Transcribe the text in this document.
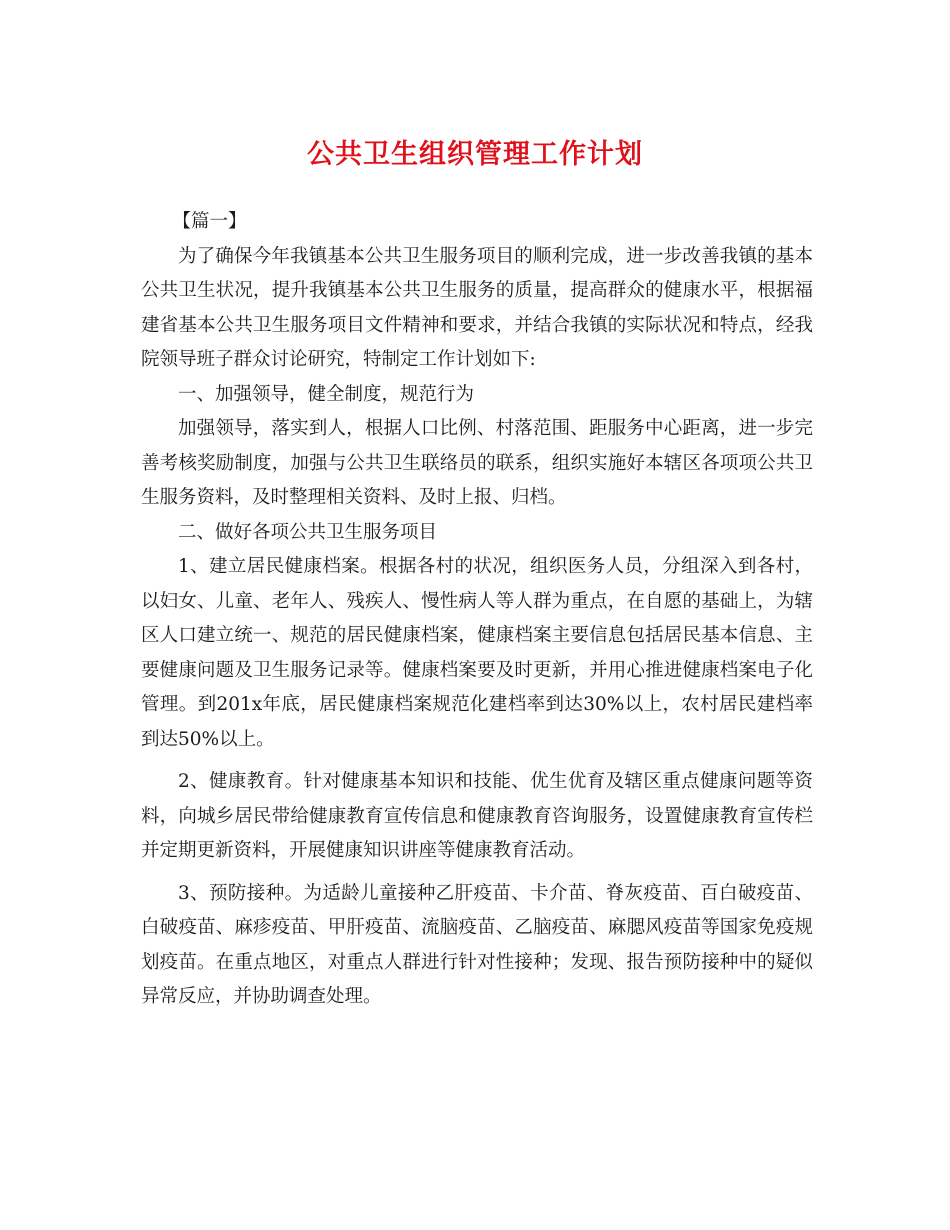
公共卫生组织管理工作计划

【篇一】

为了确保今年我镇基本公共卫生服务项目的顺利完成，进一步改善我镇的基本公共卫生状况，提升我镇基本公共卫生服务的质量，提高群众的健康水平，根据福建省基本公共卫生服务项目文件精神和要求，并结合我镇的实际状况和特点，经我院领导班子群众讨论研究，特制定工作计划如下:

一、加强领导，健全制度，规范行为

加强领导，落实到人，根据人口比例、村落范围、距服务中心距离，进一步完善考核奖励制度，加强与公共卫生联络员的联系，组织实施好本辖区各项项公共卫生服务资料，及时整理相关资料、及时上报、归档。

二、做好各项公共卫生服务项目

1、建立居民健康档案。根据各村的状况，组织医务人员，分组深入到各村，以妇女、儿童、老年人、残疾人、慢性病人等人群为重点，在自愿的基础上，为辖区人口建立统一、规范的居民健康档案，健康档案主要信息包括居民基本信息、主要健康问题及卫生服务记录等。健康档案要及时更新，并用心推进健康档案电子化管理。到201x年底，居民健康档案规范化建档率到达30%以上，农村居民建档率到达50%以上。

2、健康教育。针对健康基本知识和技能、优生优育及辖区重点健康问题等资料，向城乡居民带给健康教育宣传信息和健康教育咨询服务，设置健康教育宣传栏并定期更新资料，开展健康知识讲座等健康教育活动。

3、预防接种。为适龄儿童接种乙肝疫苗、卡介苗、脊灰疫苗、百白破疫苗、白破疫苗、麻疹疫苗、甲肝疫苗、流脑疫苗、乙脑疫苗、麻腮风疫苗等国家免疫规划疫苗。在重点地区，对重点人群进行针对性接种；发现、报告预防接种中的疑似异常反应，并协助调查处理。
